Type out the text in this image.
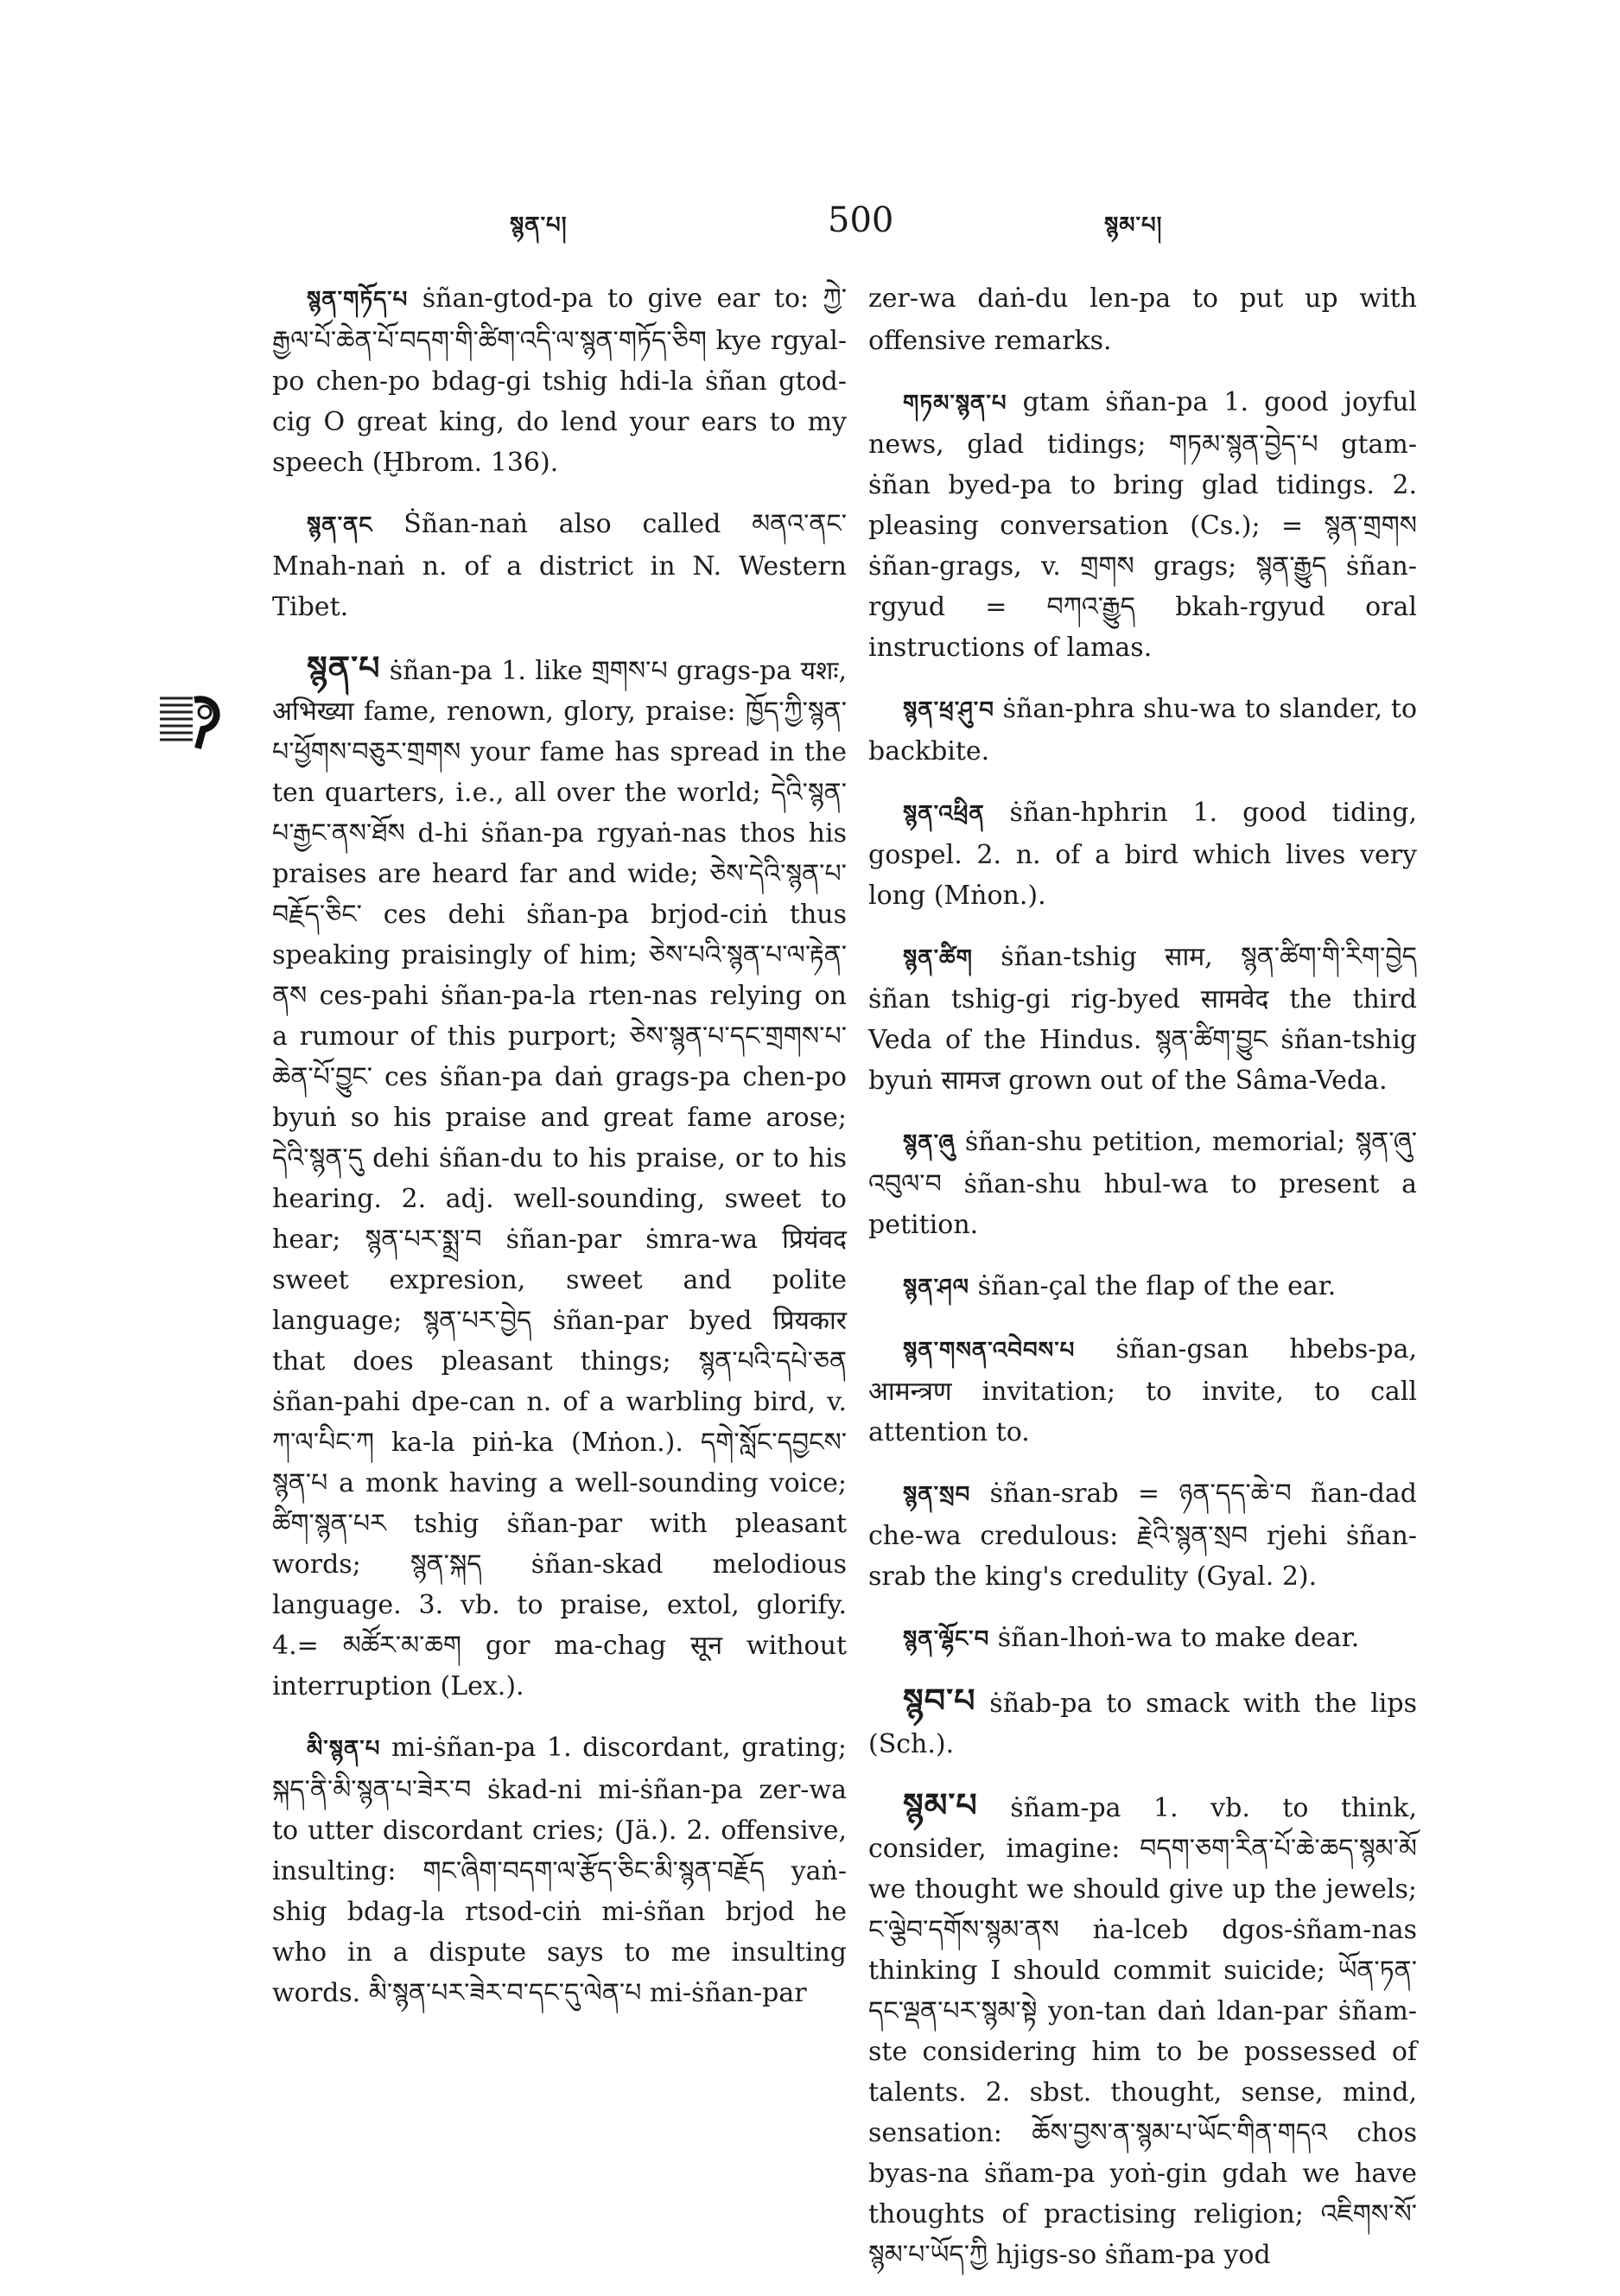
སྙན་པ།	500	སྙམ་པ།

སྙན་གཏོད་པ ṡñan-gtod-pa to give ear to: ཀྱེ་རྒྱལ་པོ་ཆེན་པོ་བདག་གི་ཚིག་འདི་ལ་སྙན་གཏོད་ཅིག kye rgyal-po chen-po bdag-gi tshig hdi-la ṡñan gtod-cig O great king, do lend your ears to my speech (Ḫbrom. 136).

སྙན་ནང Ṡñan-naṅ also called མནའ་ནང་ Mnah-naṅ n. of a district in N. Western Tibet.

སྙན་པ ṡñan-pa 1. like གྲགས་པ grags-pa यशः, अभिख्या fame, renown, glory, praise: ཁྱོད་ཀྱི་སྙན་པ་ཕྱོགས་བཅུར་གྲགས your fame has spread in the ten quarters, i.e., all over the world; དེའི་སྙན་པ་རྒྱང་ནས་ཐོས d-hi ṡñan-pa rgyaṅ-nas thos his praises are heard far and wide; ཅེས་དེའི་སྙན་པ་བརྗོད་ཅིང་ ces dehi ṡñan-pa brjod-ciṅ thus speaking praisingly of him; ཅེས་པའི་སྙན་པ་ལ་རྟེན་ནས ces-pahi ṡñan-pa-la rten-nas relying on a rumour of this purport; ཅེས་སྙན་པ་དང་གྲགས་པ་ཆེན་པོ་བྱུང་ ces ṡñan-pa daṅ grags-pa chen-po byuṅ so his praise and great fame arose; དེའི་སྙན་དུ dehi ṡñan-du to his praise, or to his hearing. 2. adj. well-sounding, sweet to hear; སྙན་པར་སྨྲ་བ ṡñan-par ṡmra-wa प्रियंवद sweet expresion, sweet and polite language; སྙན་པར་བྱེད ṡñan-par byed प्रियकार that does pleasant things; སྙན་པའི་དཔེ་ཅན ṡñan-pahi dpe-can n. of a warbling bird, v. ཀ་ལ་པིང་ཀ ka-la piṅ-ka (Mṅon.). དགེ་སློང་དབྱངས་སྙན་པ a monk having a well-sounding voice; ཚིག་སྙན་པར tshig ṡñan-par with pleasant words; སྙན་སྐད ṡñan-skad melodious language. 3. vb. to praise, extol, glorify. 4.= མཚོར་མ་ཆག gor ma-chag सून without interruption (Lex.).

མི་སྙན་པ mi-ṡñan-pa 1. discordant, grating; སྐད་ནི་མི་སྙན་པ་ཟེར་བ ṡkad-ni mi-ṡñan-pa zer-wa to utter discordant cries; (Jä.). 2. offensive, insulting: གང་ཞིག་བདག་ལ་རྩོད་ཅིང་མི་སྙན་བརྗོད yaṅ-shig bdag-la rtsod-ciṅ mi-ṡñan brjod he who in a dispute says to me insulting words. མི་སྙན་པར་ཟེར་བ་དང་དུ་ལེན་པ mi-ṡñan-par

zer-wa daṅ-du len-pa to put up with offensive remarks.

གཏམ་སྙན་པ gtam ṡñan-pa 1. good joyful news, glad tidings; གཏམ་སྙན་བྱེད་པ gtam-ṡñan byed-pa to bring glad tidings. 2. pleasing conversation (Cs.); = སྙན་གྲགས ṡñan-grags, v. གྲགས grags; སྙན་རྒྱུད ṡñan-rgyud = བཀའ་རྒྱུད bkah-rgyud oral instructions of lamas.

སྙན་ཕྲ་ཤུ་བ ṡñan-phra shu-wa to slander, to backbite.

སྙན་འཕྲིན ṡñan-hphrin 1. good tiding, gospel. 2. n. of a bird which lives very long (Mṅon.).

སྙན་ཚིག ṡñan-tshig साम, སྙན་ཚིག་གི་རིག་བྱེད ṡñan tshig-gi rig-byed सामवेद the third Veda of the Hindus. སྙན་ཚིག་བྱུང ṡñan-tshig byuṅ सामज grown out of the Sâma-Veda.

སྙན་ཞུ ṡñan-shu petition, memorial; སྙན་ཞུ་འབུལ་བ ṡñan-shu hbul-wa to present a petition.

སྙན་ཤལ ṡñan-çal the flap of the ear.

སྙན་གསན་འབེབས་པ ṡñan-gsan hbebs-pa, आमन्त्रण invitation; to invite, to call attention to.

སྙན་སྲབ ṡñan-srab = ཉན་དད་ཆེ་བ ñan-dad che-wa credulous: རྗེའི་སྙན་སྲབ rjehi ṡñan-srab the king's credulity (Gyal. 2).

སྙན་ལྷོང་བ ṡñan-lhoṅ-wa to make dear.

སྙབ་པ ṡñab-pa to smack with the lips (Sch.).

སྙམ་པ ṡñam-pa 1. vb. to think, consider, imagine: བདག་ཅག་རིན་པོ་ཆེ་ཆད་སྙམ་མོ we thought we should give up the jewels; ང་ལྕེབ་དགོས་སྙམ་ནས ṅa-lceb dgos-ṡñam-nas thinking I should commit suicide; ཡོན་ཏན་དང་ལྡན་པར་སྙམ་སྟེ yon-tan daṅ ldan-par ṡñam-ste considering him to be possessed of talents. 2. sbst. thought, sense, mind, sensation: ཆོས་བྱས་ན་སྙམ་པ་ཡོང་གིན་གདའ chos byas-na ṡñam-pa yoṅ-gin gdah we have thoughts of practising religion; འཇིགས་སོ་སྙམ་པ་ཡོད་ཀྱི hjigs-so ṡñam-pa yod
